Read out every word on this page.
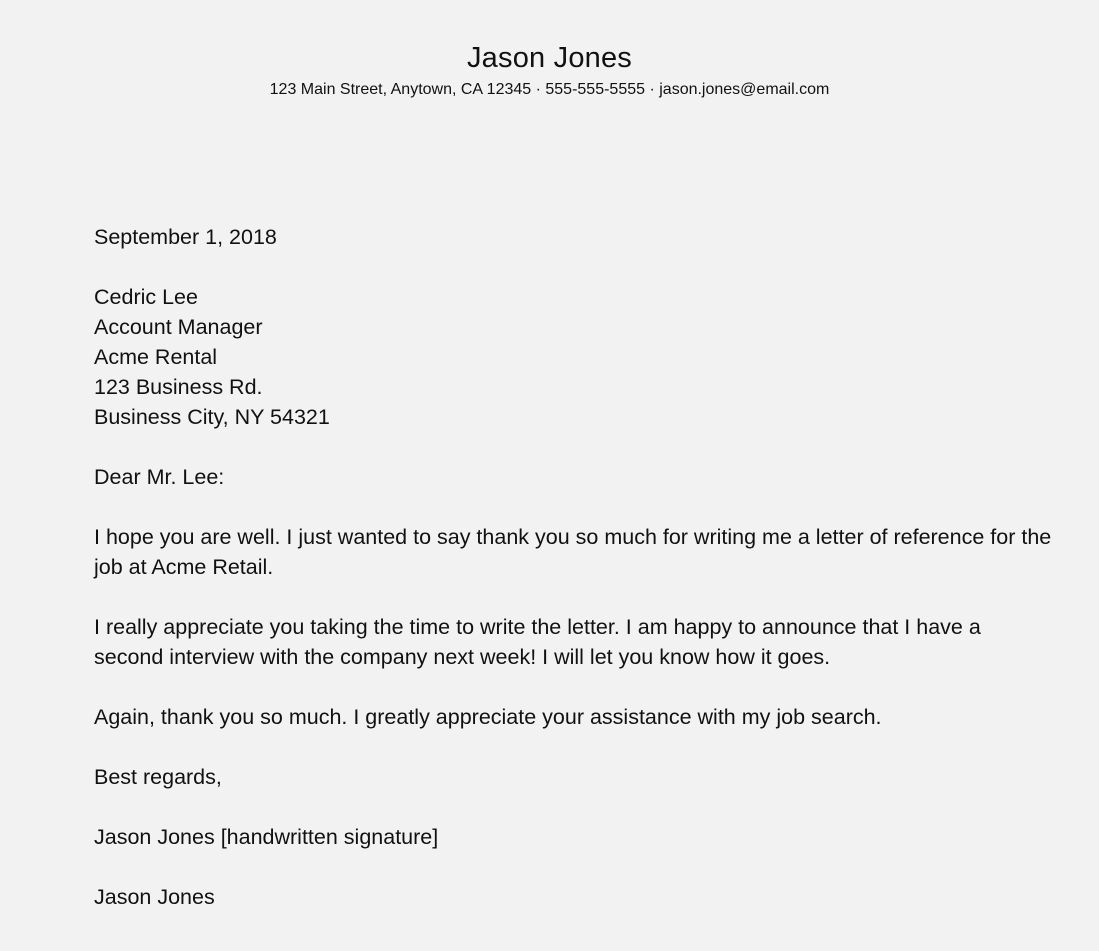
Jason Jones
123 Main Street, Anytown, CA 12345 · 555-555-5555 · jason.jones@email.com
September 1, 2018
Cedric Lee
Account Manager
Acme Rental
123 Business Rd.
Business City, NY 54321
Dear Mr. Lee:
I hope you are well. I just wanted to say thank you so much for writing me a letter of reference for the job at Acme Retail.
I really appreciate you taking the time to write the letter. I am happy to announce that I have a second interview with the company next week! I will let you know how it goes.
Again, thank you so much. I greatly appreciate your assistance with my job search.
Best regards,
Jason Jones [handwritten signature]
Jason Jones
